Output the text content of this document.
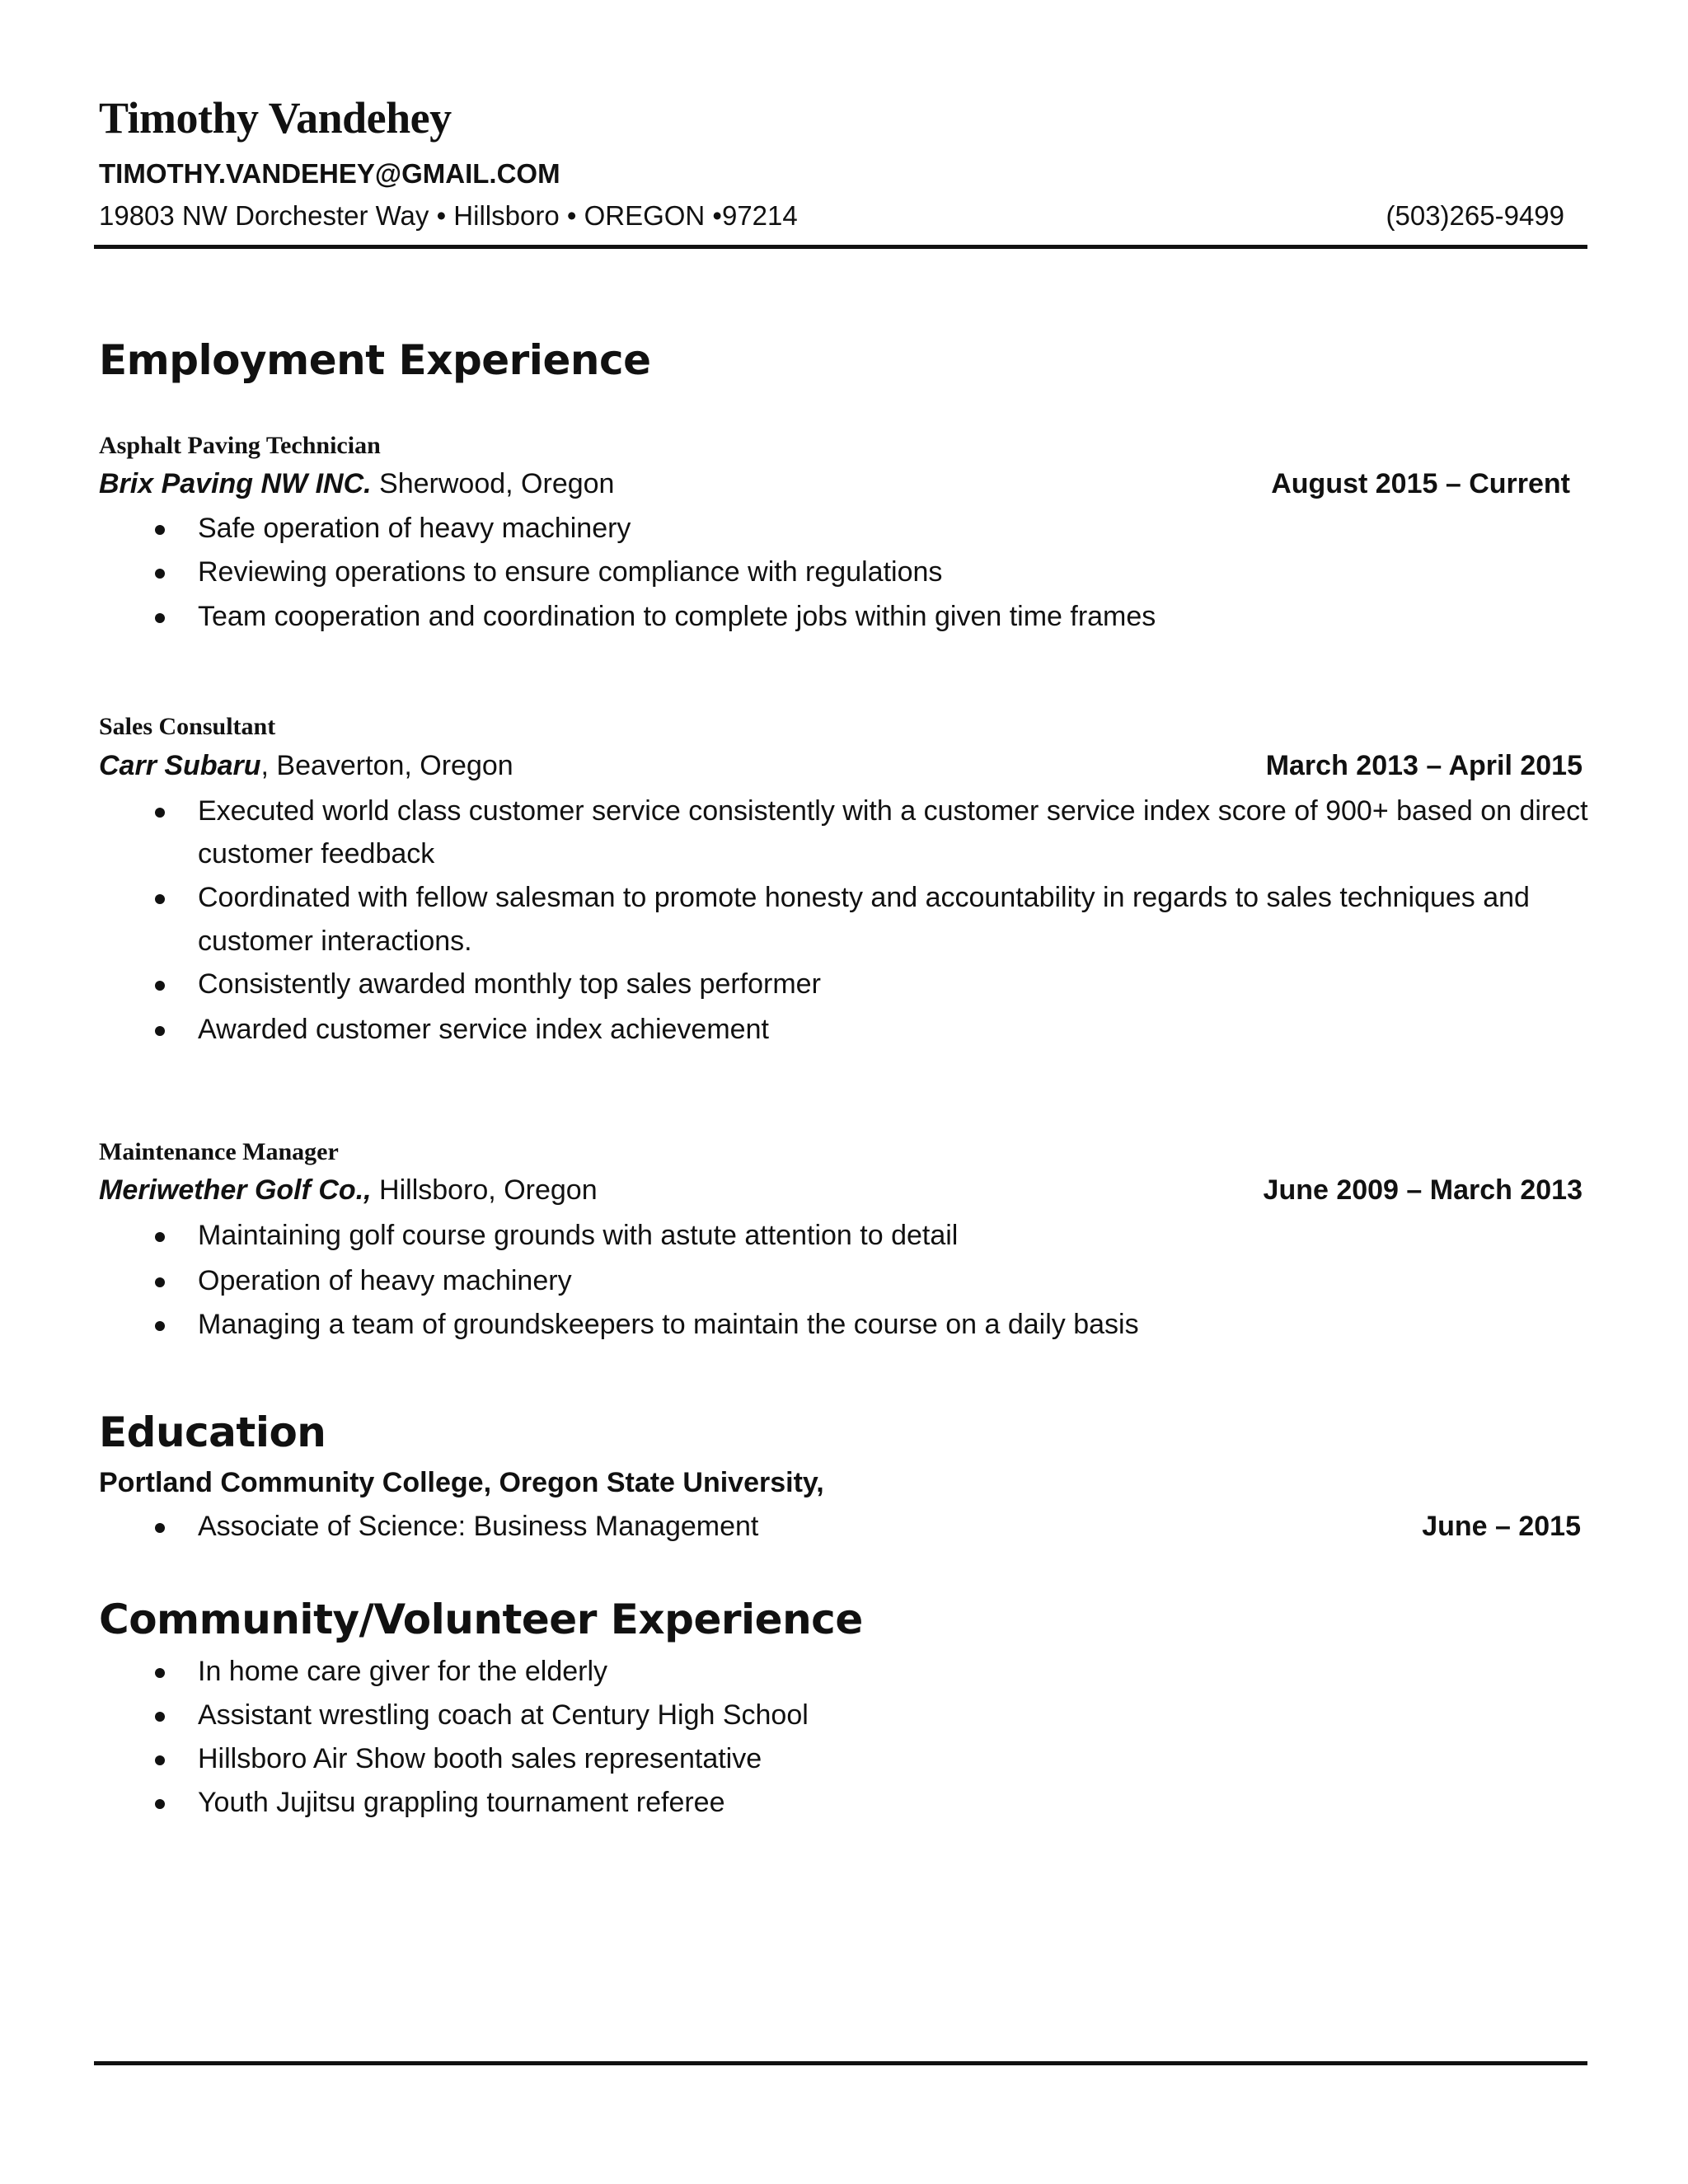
Timothy Vandehey
TIMOTHY.VANDEHEY@GMAIL.COM
19803 NW Dorchester Way • Hillsboro • OREGON •97214	(503)265-9499
Employment Experience
Asphalt Paving Technician
Brix Paving NW INC. Sherwood, Oregon	August 2015 – Current
Safe operation of heavy machinery
Reviewing operations to ensure compliance with regulations
Team cooperation and coordination to complete jobs within given time frames
Sales Consultant
Carr Subaru, Beaverton, Oregon	March 2013 – April 2015
Executed world class customer service consistently with a customer service index score of 900+ based on direct
customer feedback
Coordinated with fellow salesman to promote honesty and accountability in regards to sales techniques and
customer interactions.
Consistently awarded monthly top sales performer
Awarded customer service index achievement
Maintenance Manager
Meriwether Golf Co., Hillsboro, Oregon	June 2009 – March 2013
Maintaining golf course grounds with astute attention to detail
Operation of heavy machinery
Managing a team of groundskeepers to maintain the course on a daily basis
Education
Portland Community College, Oregon State University,
Associate of Science: Business Management	June – 2015
Community/Volunteer Experience
In home care giver for the elderly
Assistant wrestling coach at Century High School
Hillsboro Air Show booth sales representative
Youth Jujitsu grappling tournament referee
